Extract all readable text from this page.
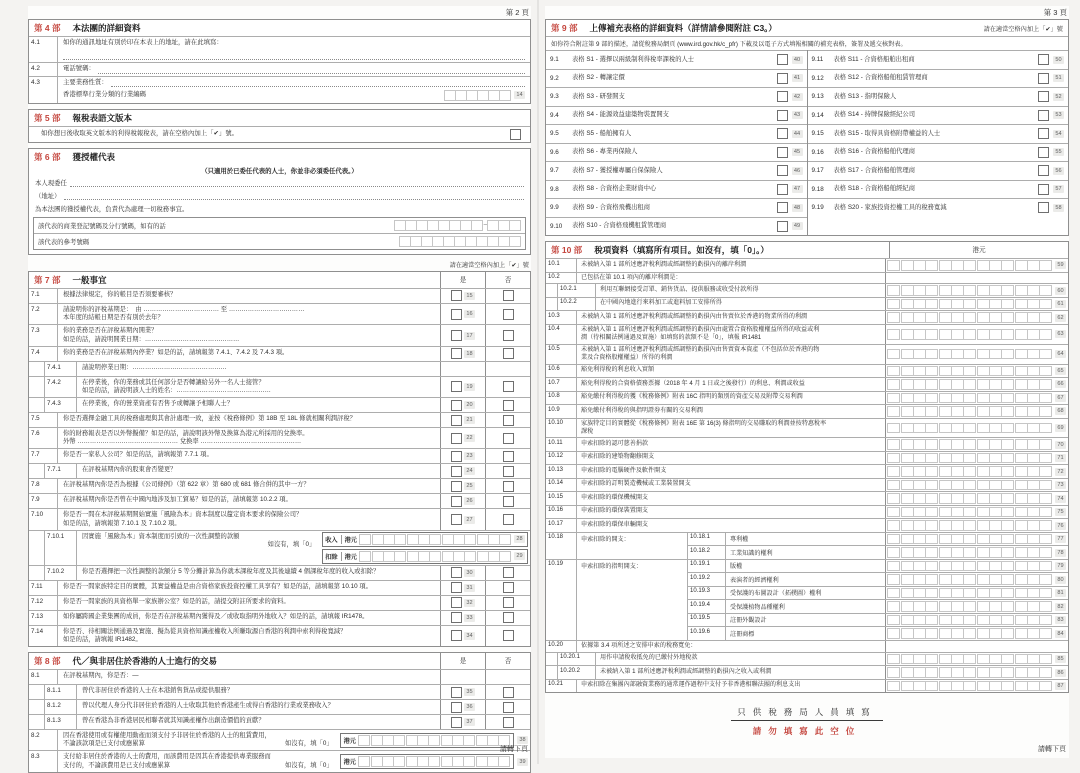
第 2 頁
第 4 部 本法團的詳細資料
4.1	如你的通訊地址有別於印在本表上的地址，請在此填寫：
4.2	電話號碼：
4.3	主要業務性質：
香港標準行業分類的行業編碼	14
第 5 部 報稅表語文版本
如你想日後收取英文版本的利得稅報稅表，請在空格內加上「✔」號。
第 6 部 獲授權代表
（只適用於已委任代表的人士，你並非必須委任代表。）
本人現委任
（地址）
為本法團的獲授權代表，負責代為處理一切稅務事宜。
該代表的商業登記號碼及分行號碼，如有的話	–
該代表的參考號碼
請在適當空格內加上「✔」號
第 7 部 一般事宜	是	否
7.1	根據法律規定，你的帳目是否須要審核？	15
7.2	請說明你的評稅基期是：　由 ……………………………… 至 ………………………………
本年度的結帳日期是否有別於去年？	16
7.3	你的業務是否在評稅基期內開業？
如是的話，請說明開業日期：………………………………………	17
7.4	你的業務是否在評稅基期內停業？如是的話，請填報第 7.4.1、7.4.2 及 7.4.3 項。	18
7.4.1	請說明停業日期：………………………………………
7.4.2	在停業後，你的業務或其任何部分是否轉讓給另外一名人士接管？
如是的話，請說明該人士的姓名：………………………………………	19
7.4.3	在停業後，你的營業資產有否售予或轉讓予相聯人士？	20
7.5	你是否選擇金融工具的稅務處理與其會計處理一致，並按《稅務條例》第 18B 至 18L 條就相關利潤評稅？	21
7.6	你的財務報表是否以外幣擬備？如是的話，請說明該外幣及換算為港元所採用的兌換率。
外幣 ………………………………………… 兌換率 …………………………………………	22
7.7	你是否一家私人公司？如是的話，請填報第 7.7.1 項。	23
7.7.1	在評稅基期內你的股東會否變更？	24
7.8	在評稅基期內你是否為根據《公司條例》（第 622 章）第 680 或 681 條合併的其中一方？	25
7.9	在評稅基期內你是否曾在中國內地涉及加工貿易？如是的話，請填報第 10.2.2 項。	26
7.10	你是否一間在本評稅基期開始實施「風險為本」資本制度以釐定資本要求的保險公司？
如是的話，請填報第 7.10.1 及 7.10.2 項。	27
7.10.1	因實施「風險為本」資本制度而引致的一次性調整的款額
如沒有，填「0」
收入	港元	28
扣除	港元	29
7.10.2	你是否選擇把一次性調整的款額分 5 等分攤計算為你就本課稅年度及其後連續 4 個課稅年度的收入或扣除？	30
7.11	你是否一間家族特定目的實體，其實益權益是由合資格家族投資控權工具享有？如是的話，請填報第 10.10 項。	31
7.12	你是否一間家族的具資格單一家族辦公室？如是的話，請提交附註所要求的資料。	32
7.13	如你屬跨國企業集團的成員，你是否在評稅基期內獲得及／或收取指明外地收入？如是的話，請填報 IR1478。	33
7.14	你是否、待相關法例通過及實施、擬為從具資格知識產權收入所賺取源自香港的利潤申索利得稅寬減？
如是的話，請填報 IR1482。	34
第 8 部 代／與非居住於香港的人士進行的交易	是	否
8.1	在評稅基期內，你是否：—
8.1.1	曾代非居住於香港的人士在本港銷售貨品或提供服務？	35
8.1.2	曾以代理人身分代非居住於香港的人士收取其他於香港產生或得自香港的行業或業務收入？	36
8.1.3	曾在香港為非香港居民相聯者就其知識產權作出創造價值的貢獻？	37
8.2	因在香港使用或有權使用動產而須支付予非居住於香港的人士的租賃費用，
不論該款項是已支付或應累算	如沒有，填「0」 港元	38
8.3	支付給非居住於香港的人士的費用，而該費用是因其在香港提供專業服務而
支付的，不論該費用是已支付或應累算	如沒有，填「0」 港元	39
請轉下頁
第 3 頁
第 9 部 上傳補充表格的詳細資料（詳情請參閱附註 C3。）	請在適當空格內加上「✔」號
如你符合附註第 9 部的描述，請從稅務局網頁 (www.ird.gov.hk/c_pfr) 下載及以電子方式填報相關的補充表格，簽署及遞交核對表。
9.1	表格 S1 - 選擇以兩級制利得稅率課稅的人士	40
9.2	表格 S2 - 轉讓定價	41
9.3	表格 S3 - 研發開支	42
9.4	表格 S4 - 能源效益建築物裝置開支	43
9.5	表格 S5 - 船舶擁有人	44
9.6	表格 S6 - 專業再保險人	45
9.7	表格 S7 - 獲授權專屬自保保險人	46
9.8	表格 S8 - 合資格企業財資中心	47
9.9	表格 S9 - 合資格飛機出租商	48
9.10	表格 S10 - 合資格飛機租賃管理商	49
9.11	表格 S11 - 合資格船舶出租商	50
9.12	表格 S12 - 合資格船舶租賃管理商	51
9.13	表格 S13 - 指明保險人	52
9.14	表格 S14 - 持牌保險經紀公司	53
9.15	表格 S15 - 取得具資格附帶權益的人士	54
9.16	表格 S16 - 合資格船舶代理商	55
9.17	表格 S17 - 合資格船舶管理商	56
9.18	表格 S18 - 合資格船舶經紀商	57
9.19	表格 S20 - 家族投資控權工具的稅務寬減	58
第 10 部 稅項資料（填寫所有項目。如沒有，填「0」。）	港元
10.1	未被納入第 1 部所述應評稅利潤或經調整的虧損內的離岸利潤	59
10.2	已包括在第 10.1 項內的離岸利潤是：
10.2.1	利用互聯網接受訂單、銷售貨品、提供服務或收受付款所得	60
10.2.2	在中國內地進行來料加工或進料加工安排所得	61
10.3	未被納入第 1 部所述應評稅利潤或經調整的虧損內由售賣位於香港的物業所得的利潤	62
10.4	未被納入第 1 部所述應評稅利潤或經調整的虧損內由處置合資格股權權益所得的收益或利
潤（待相關法例通過及實施）如填寫的款額不是「0」，填報 IR1481	63
10.5	未被納入第 1 部所述應評稅利潤或經調整的虧損內由售賣資本資產（不包括位於香港的物
業及合資格股權權益）所得的利潤	64
10.6	豁免利得稅的利息收入實額	65
10.7	豁免利得稅的合資格債務票據（2018 年 4 月 1 日或之後發行）的利息、利潤或收益	66
10.8	豁免繳付利得稅的獲《稅務條例》附表 16C 指明的類別的資產交易及附帶交易利潤	67
10.9	豁免繳付利得稅的與指明證券有關的交易利潤	68
10.10	家族特定目的實體從《稅務條例》附表 16E 第 16(3) 條指明的交易賺取的利潤並按特惠稅率
課稅	69
10.11	申索扣除的認可慈善捐款	70
10.12	申索扣除的建築物翻修開支	71
10.13	申索扣除的電腦硬件及軟件開支	72
10.14	申索扣除的訂明製造機械或工業裝置開支	73
10.15	申索扣除的環保機械開支	74
10.16	申索扣除的環保裝置開支	75
10.17	申索扣除的環保車輛開支	76
10.18	申索扣除的開支：	10.18.1	專利權	77
10.18.2	工業知識的權利	78
10.19	申索扣除的指明開支：	10.19.1	版權	79
10.19.2	表演者的經濟權利	80
10.19.3	受保護的布圖設計（拓樸圖）權利	81
10.19.4	受保護植物品種權利	82
10.19.5	註冊外觀設計	83
10.19.6	註冊商標	84
10.20	依據第 3.4 項所述之安排申索的稅務寬免：
10.20.1	用作申請稅收抵免的已繳付外地稅款	85
10.20.2	未被納入第 1 部所述應評稅利潤或經調整的虧損內之收入或利潤	86
10.21	申索扣除在集團內部融資業務的通常運作過程中支付予非香港相聯法團的利息支出	87
只供稅務局人員填寫
請勿填寫此空位
請轉下頁
